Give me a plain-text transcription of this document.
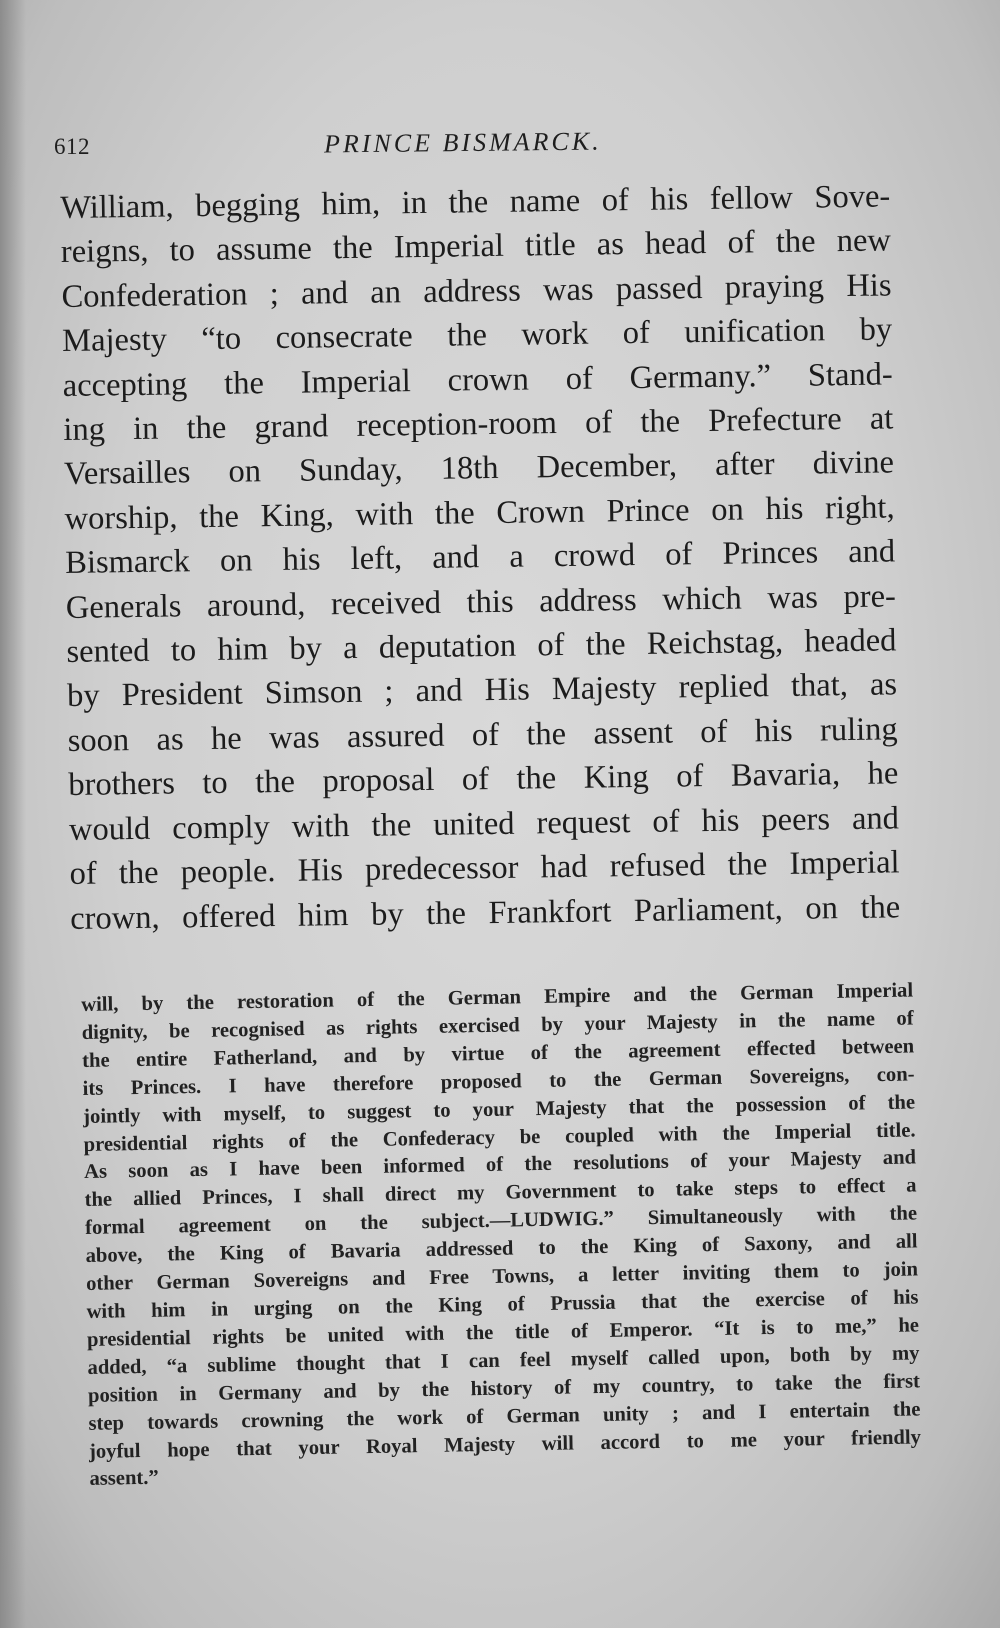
612	PRINCE BISMARCK.
William, begging him, in the name of his fellow Sove-
reigns, to assume the Imperial title as head of the new
Confederation ; and an address was passed praying His
Majesty “to consecrate the work of unification by
accepting the Imperial crown of Germany.” Stand-
ing in the grand reception-room of the Prefecture at
Versailles on Sunday, 18th December, after divine
worship, the King, with the Crown Prince on his right,
Bismarck on his left, and a crowd of Princes and
Generals around, received this address which was pre-
sented to him by a deputation of the Reichstag, headed
by President Simson ; and His Majesty replied that, as
soon as he was assured of the assent of his ruling
brothers to the proposal of the King of Bavaria, he
would comply with the united request of his peers and
of the people. His predecessor had refused the Imperial
crown, offered him by the Frankfort Parliament, on the
will, by the restoration of the German Empire and the German Imperial
dignity, be recognised as rights exercised by your Majesty in the name of
the entire Fatherland, and by virtue of the agreement effected between
its Princes. I have therefore proposed to the German Sovereigns, con-
jointly with myself, to suggest to your Majesty that the possession of the
presidential rights of the Confederacy be coupled with the Imperial title.
As soon as I have been informed of the resolutions of your Majesty and
the allied Princes, I shall direct my Government to take steps to effect a
formal agreement on the subject.—LUDWIG.” Simultaneously with the
above, the King of Bavaria addressed to the King of Saxony, and all
other German Sovereigns and Free Towns, a letter inviting them to join
with him in urging on the King of Prussia that the exercise of his
presidential rights be united with the title of Emperor. “It is to me,” he
added, “a sublime thought that I can feel myself called upon, both by my
position in Germany and by the history of my country, to take the first
step towards crowning the work of German unity ; and I entertain the
joyful hope that your Royal Majesty will accord to me your friendly
assent.”
